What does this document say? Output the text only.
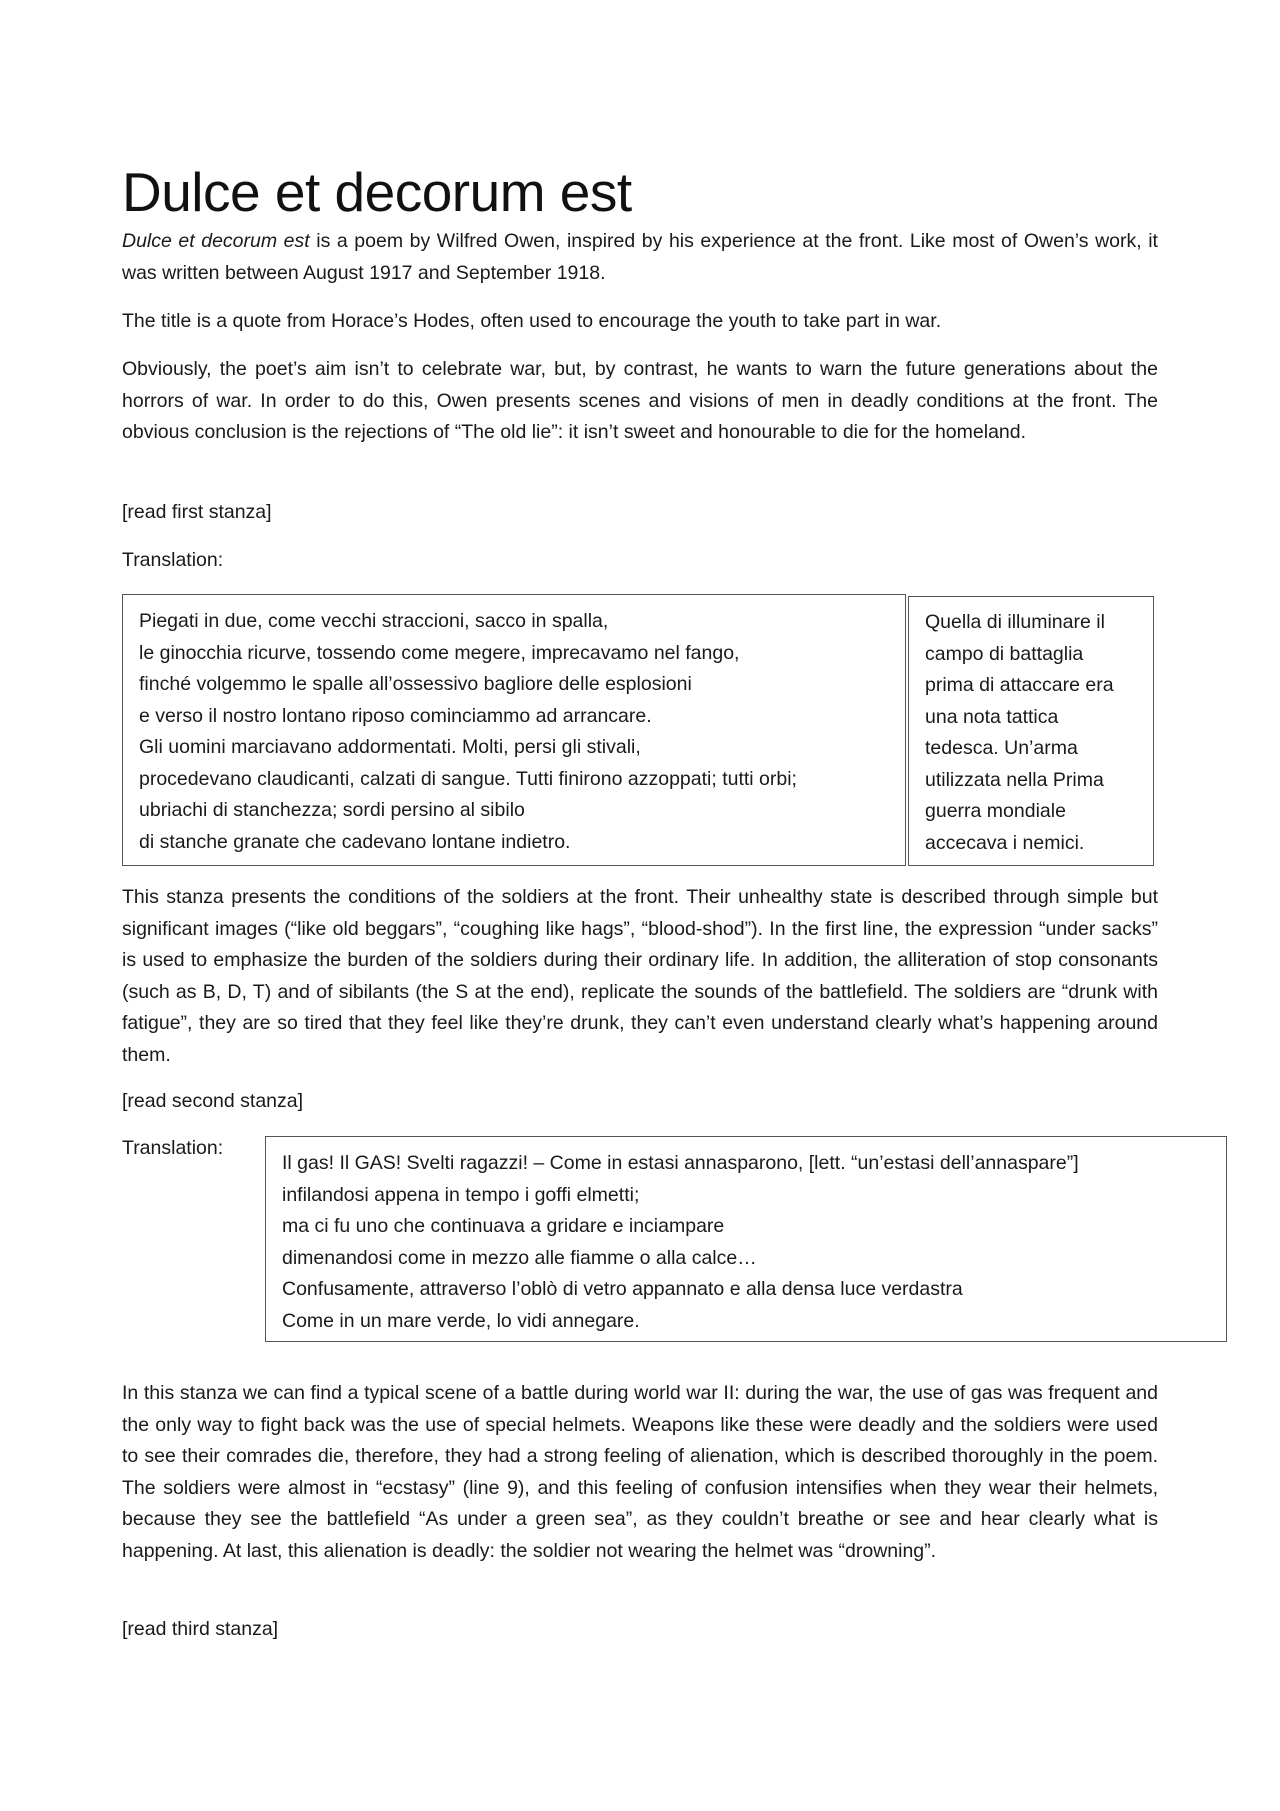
Dulce et decorum est

Dulce et decorum est is a poem by Wilfred Owen, inspired by his experience at the front. Like most of Owen’s work, it was written between August 1917 and September 1918.

The title is a quote from Horace’s Hodes, often used to encourage the youth to take part in war.

Obviously, the poet’s aim isn’t to celebrate war, but, by contrast, he wants to warn the future generations about the horrors of war. In order to do this, Owen presents scenes and visions of men in deadly conditions at the front. The obvious conclusion is the rejections of “The old lie”: it isn’t sweet and honourable to die for the homeland.

[read first stanza]

Translation:

Piegati in due, come vecchi straccioni, sacco in spalla,
le ginocchia ricurve, tossendo come megere, imprecavamo nel fango,
finché volgemmo le spalle all’ossessivo bagliore delle esplosioni
e verso il nostro lontano riposo cominciammo ad arrancare.
Gli uomini marciavano addormentati. Molti, persi gli stivali,
procedevano claudicanti, calzati di sangue. Tutti finirono azzoppati; tutti orbi;
ubriachi di stanchezza; sordi persino al sibilo
di stanche granate che cadevano lontane indietro.
Quella di illuminare il
campo di battaglia
prima di attaccare era
una nota tattica
tedesca. Un’arma
utilizzata nella Prima
guerra mondiale
accecava i nemici.

This stanza presents the conditions of the soldiers at the front. Their unhealthy state is described through simple but significant images (“like old beggars”, “coughing like hags”, “blood-shod”). In the first line, the expression “under sacks” is used to emphasize the burden of the soldiers during their ordinary life. In addition, the alliteration of stop consonants (such as B, D, T) and of sibilants (the S at the end), replicate the sounds of the battlefield. The soldiers are “drunk with fatigue”, they are so tired that they feel like they’re drunk, they can’t even understand clearly what’s happening around them.

[read second stanza]

Translation:

Il gas! Il GAS! Svelti ragazzi! – Come in estasi annasparono, [lett. “un’estasi dell’annaspare”]
infilandosi appena in tempo i goffi elmetti;
ma ci fu uno che continuava a gridare e inciampare
dimenandosi come in mezzo alle fiamme o alla calce…
Confusamente, attraverso l’oblò di vetro appannato e alla densa luce verdastra
Come in un mare verde, lo vidi annegare.

In this stanza we can find a typical scene of a battle during world war II: during the war, the use of gas was frequent and the only way to fight back was the use of special helmets. Weapons like these were deadly and the soldiers were used to see their comrades die, therefore, they had a strong feeling of alienation, which is described thoroughly in the poem. The soldiers were almost in “ecstasy” (line 9), and this feeling of confusion intensifies when they wear their helmets, because they see the battlefield “As under a green sea”, as they couldn’t breathe or see and hear clearly what is happening. At last, this alienation is deadly: the soldier not wearing the helmet was “drowning”.

[read third stanza]
